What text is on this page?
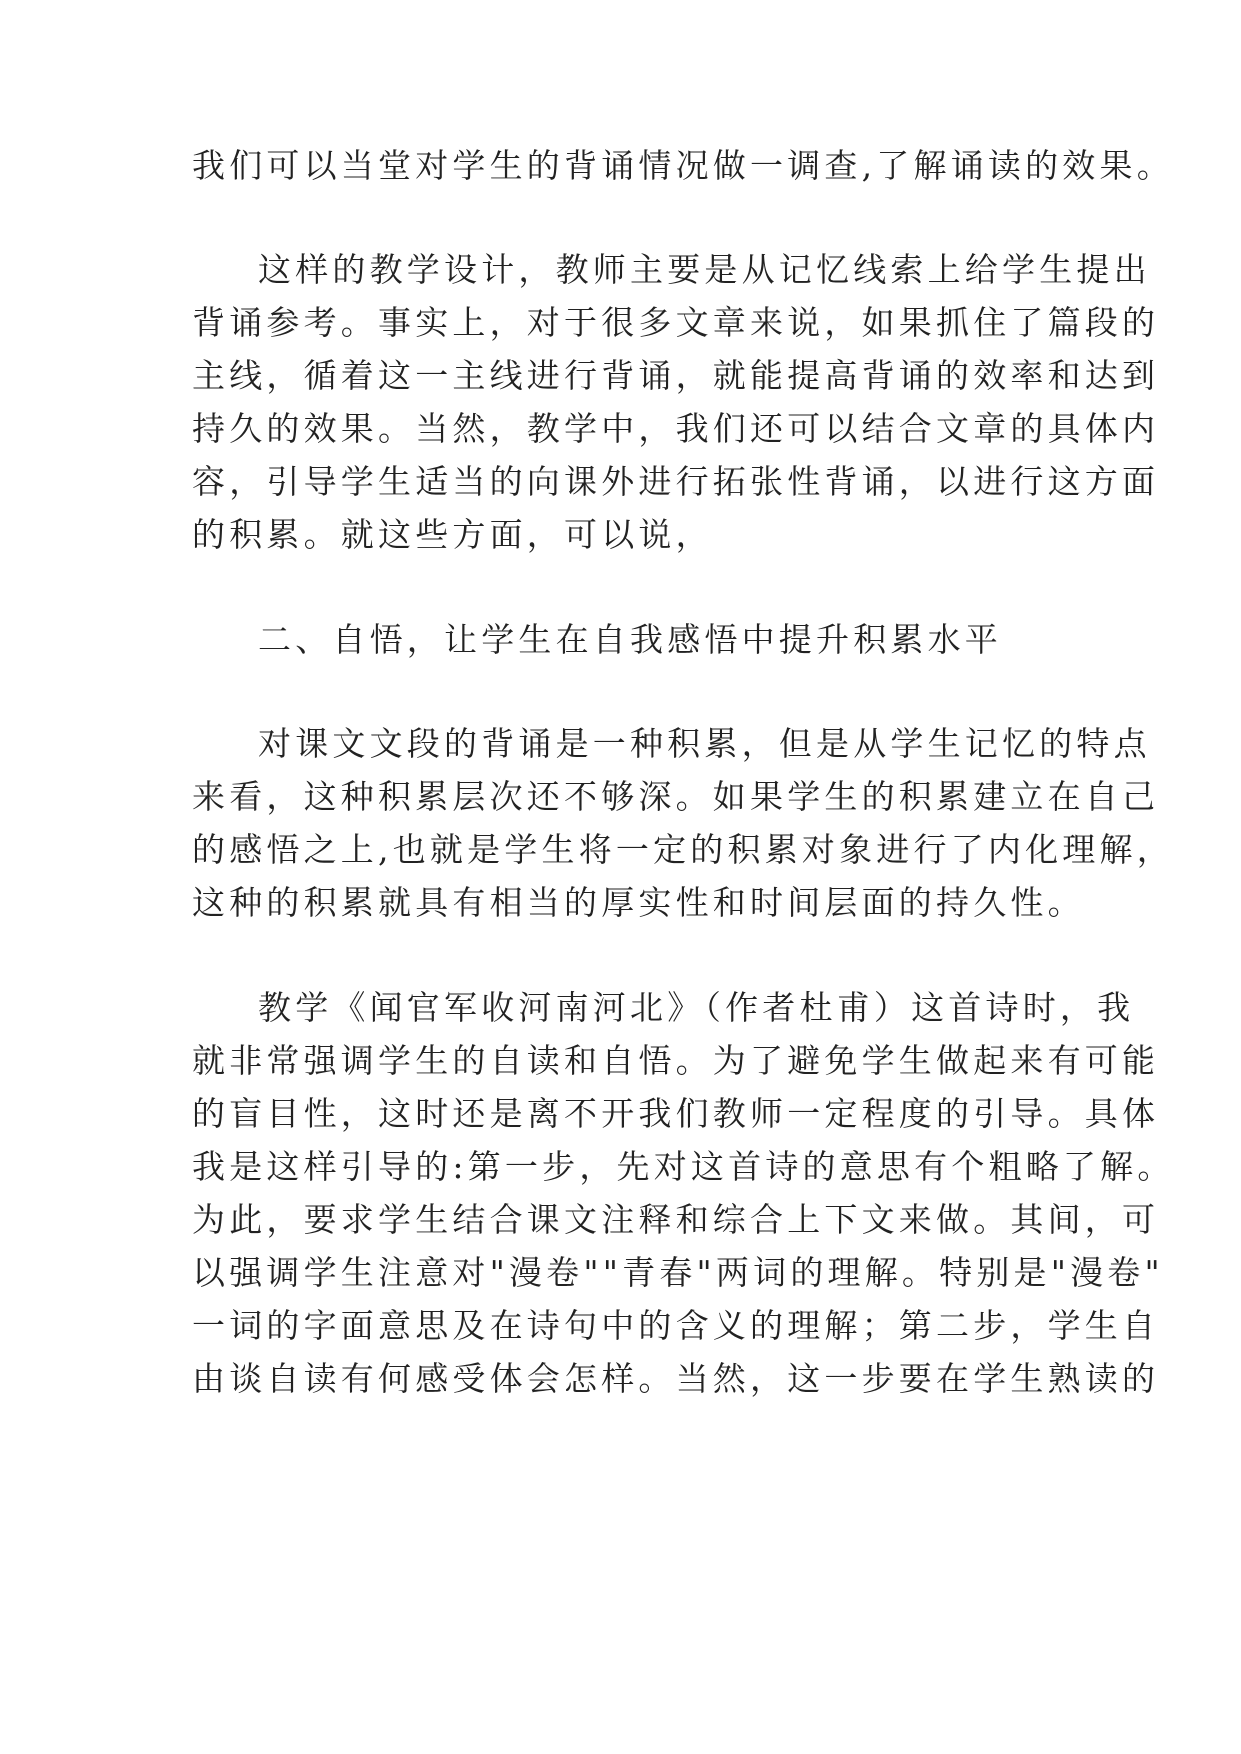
我们可以当堂对学生的背诵情况做一调查,了解诵读的效果。
这样的教学设计，教师主要是从记忆线索上给学生提出
背诵参考。事实上，对于很多文章来说，如果抓住了篇段的
主线，循着这一主线进行背诵，就能提高背诵的效率和达到
持久的效果。当然，教学中，我们还可以结合文章的具体内
容，引导学生适当的向课外进行拓张性背诵，以进行这方面
的积累。就这些方面，可以说，
二、自悟，让学生在自我感悟中提升积累水平
对课文文段的背诵是一种积累，但是从学生记忆的特点
来看，这种积累层次还不够深。如果学生的积累建立在自己
的感悟之上,也就是学生将一定的积累对象进行了内化理解，
这种的积累就具有相当的厚实性和时间层面的持久性。
教学《闻官军收河南河北》（作者杜甫）这首诗时，我
就非常强调学生的自读和自悟。为了避免学生做起来有可能
的盲目性，这时还是离不开我们教师一定程度的引导。具体
我是这样引导的:第一步，先对这首诗的意思有个粗略了解。
为此，要求学生结合课文注释和综合上下文来做。其间，可
以强调学生注意对"漫卷""青春"两词的理解。特别是"漫卷"
一词的字面意思及在诗句中的含义的理解；第二步，学生自
由谈自读有何感受体会怎样。当然，这一步要在学生熟读的
